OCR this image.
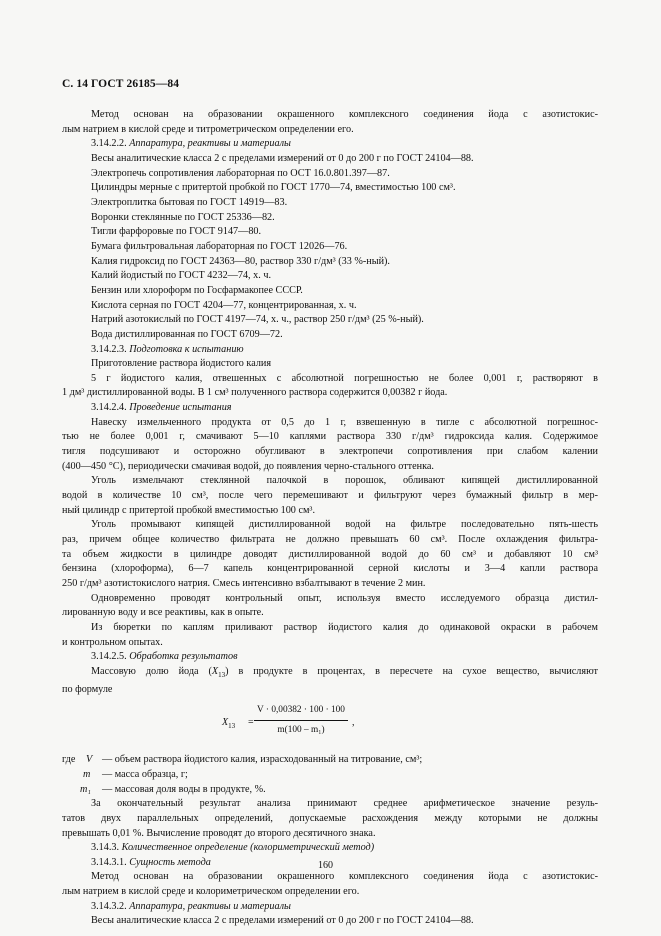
С. 14 ГОСТ 26185—84

Метод основан на образовании окрашенного комплексного соединения йода с азотистокис-

лым натрием в кислой среде и титрометрическом определении его.

3.14.2.2. Аппаратура, реактивы и материалы

Весы аналитические класса 2 с пределами измерений от 0 до 200 г по ГОСТ 24104—88.

Электропечь сопротивления лабораторная по ОСТ 16.0.801.397—87.

Цилиндры мерные с притертой пробкой по ГОСТ 1770—74, вместимостью 100 см³.

Электроплитка бытовая по ГОСТ 14919—83.

Воронки стеклянные по ГОСТ 25336—82.

Тигли фарфоровые по ГОСТ 9147—80.

Бумага фильтровальная лабораторная по ГОСТ 12026—76.

Калия гидроксид по ГОСТ 24363—80, раствор 330 г/дм³ (33 %-ный).

Калий йодистый по ГОСТ 4232—74, х. ч.

Бензин или хлороформ по Госфармакопее СССР.

Кислота серная по ГОСТ 4204—77, концентрированная, х. ч.

Натрий азотокислый по ГОСТ 4197—74, х. ч., раствор 250 г/дм³ (25 %-ный).

Вода дистиллированная по ГОСТ 6709—72.

3.14.2.3. Подготовка к испытанию

Приготовление раствора йодистого калия

5 г йодистого калия, отвешенных с абсолютной погрешностью не более 0,001 г, растворяют в

1 дм³ дистиллированной воды. В 1 см³ полученного раствора содержится 0,00382 г йода.

3.14.2.4. Проведение испытания

Навеску измельченного продукта от 0,5 до 1 г, взвешенную в тигле с абсолютной погрешнос-

тью не более 0,001 г, смачивают 5—10 каплями раствора 330 г/дм³ гидроксида калия. Содержимое

тигля подсушивают и осторожно обугливают в электропечи сопротивления при слабом калении

(400—450 °С), периодически смачивая водой, до появления черно-стального оттенка.

Уголь измельчают стеклянной палочкой в порошок, обливают кипящей дистиллированной

водой в количестве 10 см³, после чего перемешивают и фильтруют через бумажный фильтр в мер-

ный цилиндр с притертой пробкой вместимостью 100 см³.

Уголь промывают кипящей дистиллированной водой на фильтре последовательно пять-шесть

раз, причем общее количество фильтрата не должно превышать 60 см³. После охлаждения фильтра-

та объем жидкости в цилиндре доводят дистиллированной водой до 60 см³ и добавляют 10 см³

бензина (хлороформа), 6—7 капель концентрированной серной кислоты и 3—4 капли раствора

250 г/дм³ азотистокислого натрия. Смесь интенсивно взбалтывают в течение 2 мин.

Одновременно проводят контрольный опыт, используя вместо исследуемого образца дистил-

лированную воду и все реактивы, как в опыте.

Из бюретки по каплям приливают раствор йодистого калия до одинаковой окраски в рабочем

и контрольном опытах.

3.14.2.5. Обработка результатов

Массовую долю йода $(X_{13})$ в продукте в процентах, в пересчете на сухое вещество, вычисляют

по формуле

$X_{13} = \frac{V \cdot 0,00382 \cdot 100 \cdot 100}{\text{m(100 – m₁)}}$ ,
где V — объем раствора йодистого калия, израсходованный на титрование, см³;
m — масса образца, г;
m₁ — массовая доля воды в продукте, %.

За окончательный результат анализа принимают среднее арифметическое значение резуль-

татов двух параллельных определений, допускаемые расхождения между которыми не должны

превышать 0,01 %. Вычисление проводят до второго десятичного знака.

3.14.3. Количественное определение (колориметрический метод)

3.14.3.1. Сущность метода

Метод основан на образовании окрашенного комплексного соединения йода с азотистокис-

лым натрием в кислой среде и колориметрическом определении его.

3.14.3.2. Аппаратура, реактивы и материалы

Весы аналитические класса 2 с пределами измерений от 0 до 200 г по ГОСТ 24104—88.

160
